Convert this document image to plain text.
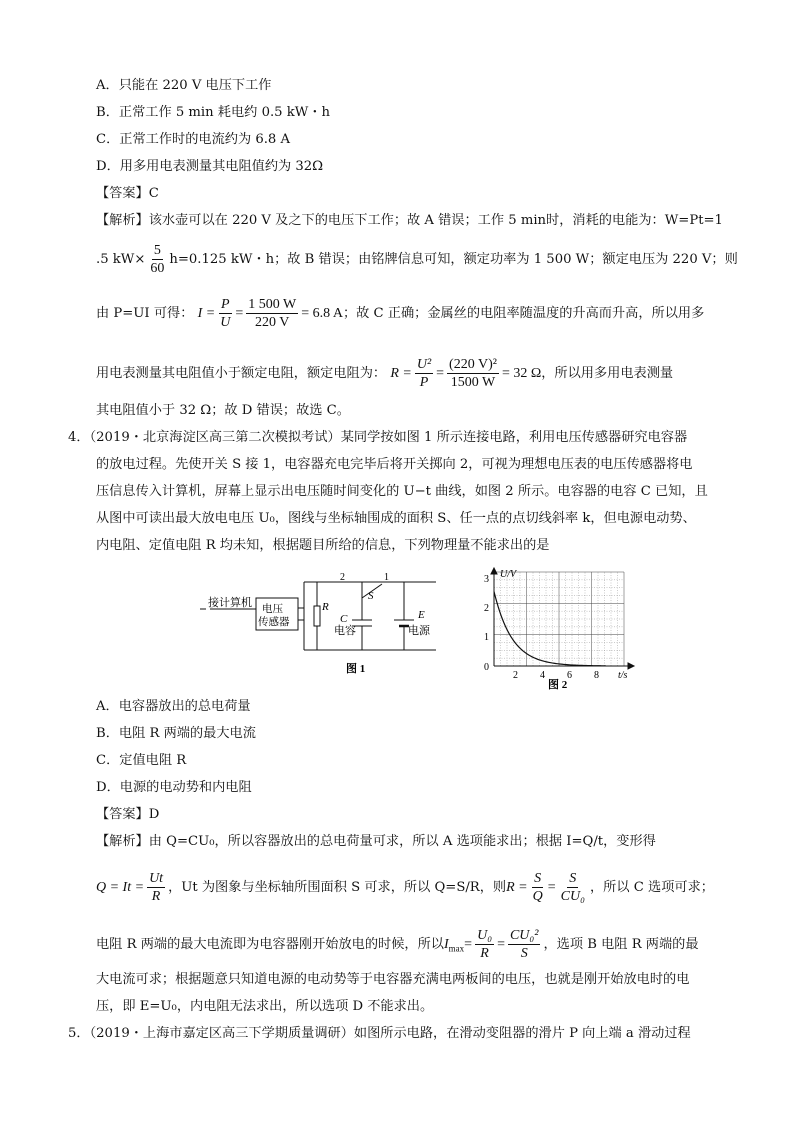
A．只能在 220 V 电压下工作
B．正常工作 5 min 耗电约 0.5 kW・h
C．正常工作时的电流约为 6.8 A
D．用多用电表测量其电阻值约为 32Ω
【答案】C
【解析】该水壶可以在 220 V 及之下的电压下工作；故 A 错误；工作 5 min时，消耗的电能为：W=Pt=1
.5 $kW\times \frac{5}{60} h=0.125$ kW・h；故 B 错误；由铭牌信息可知，额定功率为 1 500 W；额定电压为 220 V；则
由 P=UI 可得： $I = \frac{P}{U} = \frac{1 500 W}{220 V} = 6.8$ A；故 C 正确；金属丝的电阻率随温度的升高而升高，所以用多
用电表测量其电阻值小于额定电阻，额定电阻为： $R = \frac{\text{U²}}{P} = \frac{\text{(220 V)²}}{1500 W} = 32$ Ω，所以用多用电表测量
其电阻值小于 32 Ω；故 D 错误；故选 C。
4．（2019・北京海淀区高三第二次模拟考试）某同学按如图 1 所示连接电路，利用电压传感器研究电容器
的放电过程。先使开关 S 接 1，电容器充电完毕后将开关掷向 2，可视为理想电压表的电压传感器将电
压信息传入计算机，屏幕上显示出电压随时间变化的 U−t 曲线，如图 2 所示。电容器的电容 C 已知，且
从图中可读出最大放电电压 U₀，图线与坐标轴围成的面积 S、任一点的点切线斜率 k，但电源电动势、
内电阻、定值电阻 R 均未知，根据题目所给的信息，下列物理量不能求出的是
接计算机
电压
传感器
R
C
电容
E
电源
S
1
2
图 1
U/V
t/s
0
1
2
3
2 4 6 8
图 2
A．电容器放出的总电荷量
B．电阻 R 两端的最大电流
C．定值电阻 R
D．电源的电动势和内电阻
【答案】D
【解析】由 Q=CU₀，所以容器放出的总电荷量可求，所以 A 选项能求出；根据 I=Q/t，变形得
$Q = It = \frac{Ut}{R}$ ，Ut 为图象与坐标轴所围面积 S 可求，所以 Q=S/R，则$R = \frac{S}{Q} = \frac{S}{\text{CU₀}}$ ，所以 C 选项可求；
电阻 R 两端的最大电流即为电容器刚开始放电的时候，所以$I_{max}= \frac{\text{U₀}}{R} = \frac{\text{CU₀²}}{S}$ ，选项 B 电阻 R 两端的最
大电流可求；根据题意只知道电源的电动势等于电容器充满电两板间的电压，也就是刚开始放电时的电
压，即 E=U₀，内电阻无法求出，所以选项 D 不能求出。
5．（2019・上海市嘉定区高三下学期质量调研）如图所示电路，在滑动变阻器的滑片 P 向上端 a 滑动过程
